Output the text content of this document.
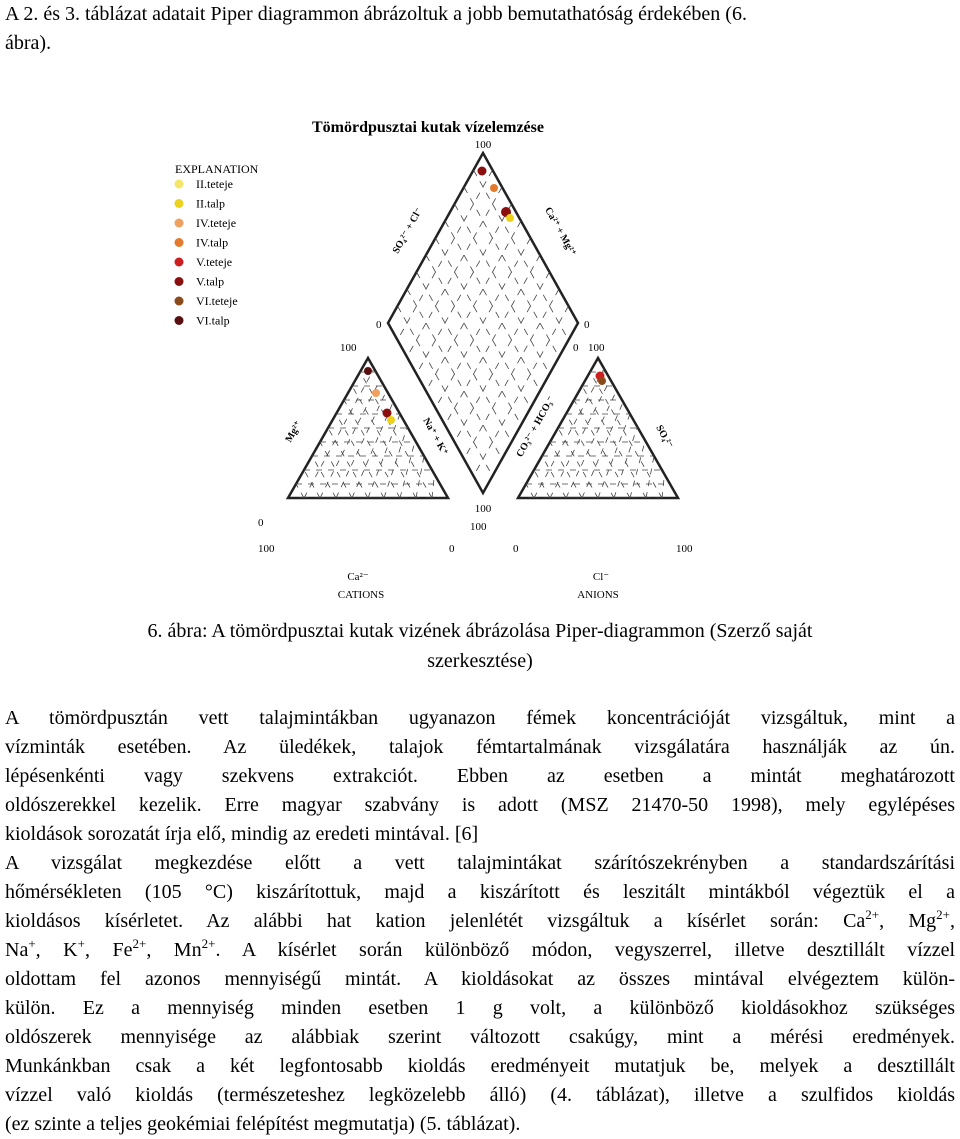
A 2. és 3. táblázat adatait Piper diagrammon ábrázoltuk a jobb bemutathatóság érdekében (6.

ábra).

Tömördpusztai kutak vízelemzése
EXPLANATION
II.teteje
II.talp
IV.teteje
IV.talp
V.teteje
V.talp
VI.teteje
VI.talp
100
0	0
100
SO₄²⁻ + Cl⁻	Ca²⁺ + Mg²⁺
100
0
100	0
Mg²⁺	Na⁺ + K⁺
Ca²⁻
CATIONS
100
0 100
0	100
CO₃²⁻ + HCO₃⁻	SO₄²⁻
Cl⁻
ANIONS

6. ábra: A tömördpusztai kutak vizének ábrázolása Piper-diagrammon (Szerző saját

szerkesztése)

A tömördpusztán vett talajmintákban ugyanazon fémek koncentrációját vizsgáltuk, mint a

vízminták esetében. Az üledékek, talajok fémtartalmának vizsgálatára használják az ún.

lépésenkénti vagy szekvens extrakciót. Ebben az esetben a mintát meghatározott

oldószerekkel kezelik. Erre magyar szabvány is adott (MSZ 21470-50 1998), mely egylépéses

kioldások sorozatát írja elő, mindig az eredeti mintával. [6]

A vizsgálat megkezdése előtt a vett talajmintákat szárítószekrényben a standardszárítási

hőmérsékleten (105 °C) kiszárítottuk, majd a kiszárított és leszitált mintákból végeztük el a

kioldásos kísérletet. Az alábbi hat kation jelenlétét vizsgáltuk a kísérlet során: $Ca^{2+}$, $Mg^{2+}$,

Na+, K+, $Fe^{2+}$, $Mn^{2+}$. A kísérlet során különböző módon, vegyszerrel, illetve desztillált vízzel

oldottam fel azonos mennyiségű mintát. A kioldásokat az összes mintával elvégeztem külön-

külön. Ez a mennyiség minden esetben 1 g volt, a különböző kioldásokhoz szükséges

oldószerek mennyisége az alábbiak szerint változott csakúgy, mint a mérési eredmények.

Munkánkban csak a két legfontosabb kioldás eredményeit mutatjuk be, melyek a desztillált

vízzel való kioldás (természeteshez legközelebb álló) (4. táblázat), illetve a szulfidos kioldás

(ez szinte a teljes geokémiai felépítést megmutatja) (5. táblázat).
